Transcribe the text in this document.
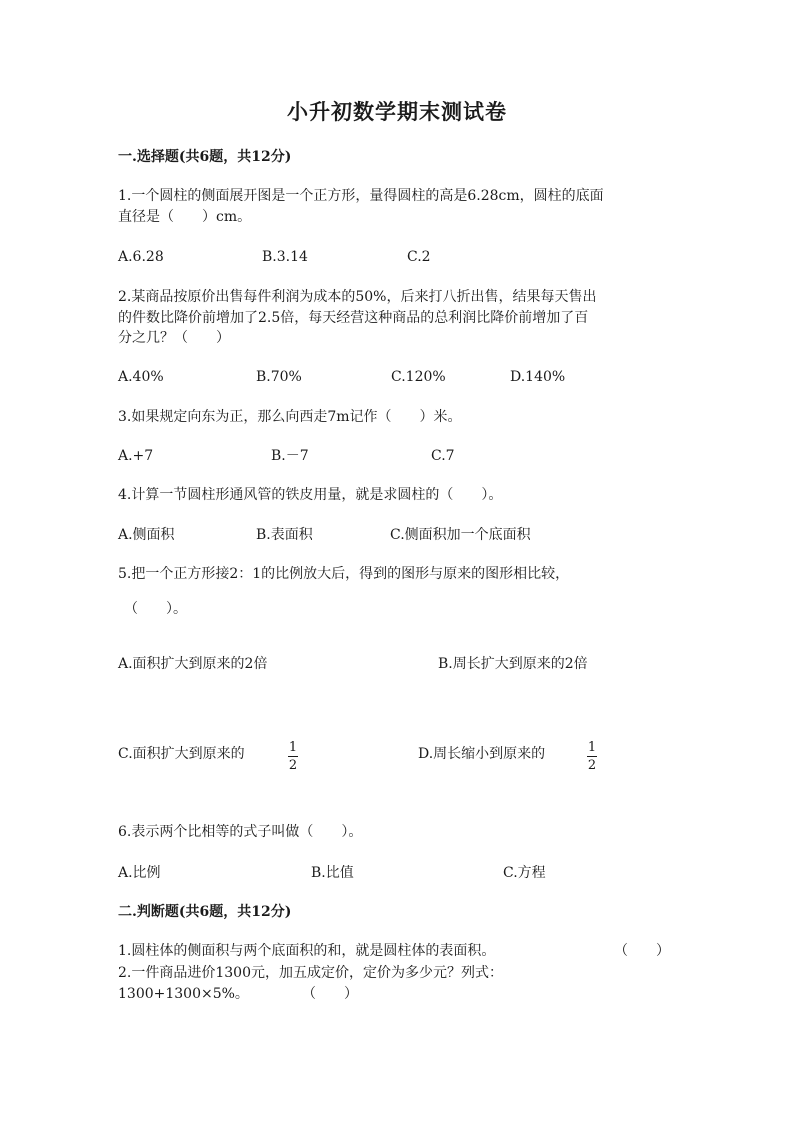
小升初数学期末测试卷
一.选择题(共6题，共12分)
1.一个圆柱的侧面展开图是一个正方形，量得圆柱的高是6.28cm，圆柱的底面
直径是（　　）cm。
A.6.28	B.3.14	C.2
2.某商品按原价出售每件利润为成本的50%，后来打八折出售，结果每天售出
的件数比降价前增加了2.5倍，每天经营这种商品的总利润比降价前增加了百
分之几？（　　）
A.40%	B.70%	C.120%	D.140%
3.如果规定向东为正，那么向西走7m记作（　　）米。
A.+7	B.－7	C.7
4.计算一节圆柱形通风管的铁皮用量，就是求圆柱的（　　）。
A.侧面积	B.表面积	C.侧面积加一个底面积
5.把一个正方形接2：1的比例放大后，得到的图形与原来的图形相比较，
（　　）。
A.面积扩大到原来的2倍	B.周长扩大到原来的2倍
C.面积扩大到原来的	1
2
D.周长缩小到原来的	1
2
6.表示两个比相等的式子叫做（　　）。
A.比例	B.比值	C.方程
二.判断题(共6题，共12分)
1.圆柱体的侧面积与两个底面积的和，就是圆柱体的表面积。	（　　）
2.一件商品进价1300元，加五成定价，定价为多少元？列式：
1300+1300×5%。	（　　）
